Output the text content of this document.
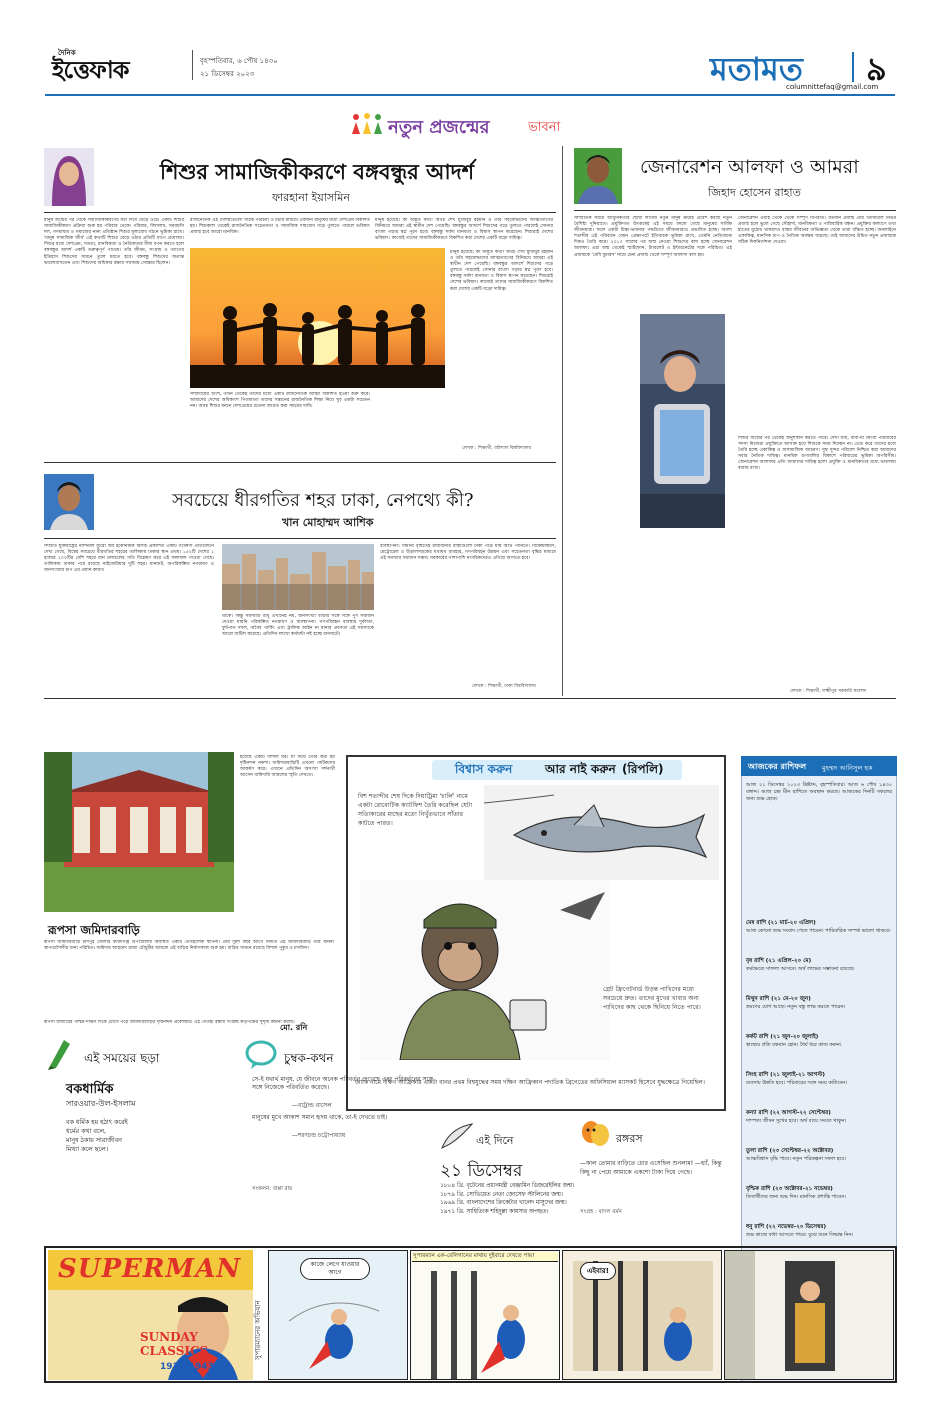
দৈনিক
ইত্তেফাক	বৃহস্পতিবার, ৬ পৌষ ১৪৩০
২১ ডিসেম্বর ২০২৩	মতামত ৯
columnittefaq@gmail.com
নতুন প্রজন্মের	ভাবনা
শিশুর সামাজিকীকরণে বঙ্গবন্ধুর আদর্শ
ফারহানা ইয়াসমিন
মানুষ জন্মের পর থেকে সামাজিকীকরণের মধ্য দিয়ে বেড়ে ওঠে। একটি শিশুর সামাজিকীকরণ প্রক্রিয়া শুরু হয় পরিবার থেকে। পরিবার, বিদ্যালয়, সমবয়সি দল, গণমাধ্যম ও সমাজের নানা প্রতিষ্ঠান শিশুর মূল্যবোধ গঠনে ভূমিকা রাখে। 'মানুষ সামাজিক জীব' এই কথাটি শিশুর বেড়ে ওঠার প্রতিটি ধাপে প্রযোজ্য। শিশুর মধ্যে দেশপ্রেম, সততা, মানবিকতা ও নৈতিকতার বীজ বপন করতে হলে বঙ্গবন্ধুর আদর্শ একটি গুরুত্বপূর্ণ পাথেয়। তাঁর জীবন, সংগ্রাম ও ত্যাগের ইতিহাস শিশুদের সামনে তুলে ধরতে হবে। বঙ্গবন্ধু শিশুদের অত্যন্ত ভালোবাসতেন এবং শিশুদের অধিকার রক্ষায় সবসময় সোচ্চার ছিলেন।
রাজনৈতিক এই দৈশিষ্ট্যগুলো সঠিক পরিচর্যা ও চর্চার মাধ্যমে একজন মানুষের মধ্যে দেশপ্রেম বিকশিত হয়। শিশুকাল থেকেই রাজনৈতিক সচেতনতা ও সামাজিক দায়বোধ গড়ে তুলতে পারলে ভবিষ্যৎ প্রজন্ম হবে আরো মানবিক।
সম্প্রদায়ের অংশ, তখন থেকেই তাদের মধ্যে একটি রাজনৈতিক আত্মা বিকশিত হওয়া শুরু করে। আমাদের দেশের অধিকাংশ পিতামাতা তাদের সন্তানের রাজনৈতিক শিক্ষা নিয়ে খুব একটা সচেতন নন। অথচ শিশুর মননে দেশপ্রেমের চেতনা জাগ্রত করা সময়ের দাবি।
মানুষ হয়েছে। কী অদ্ভুত কথা! অথচ শেখ মুজিবুর রহমান ও তাঁর সহযোদ্ধাদের আত্মত্যাগের বিনিময়ে আমরা এই স্বাধীন দেশ পেয়েছি। বঙ্গবন্ধুর আদর্শে শিশুদের গড়ে তুলতে পারলেই সোনার বাংলা গড়ার স্বপ্ন পূরণ হবে। বঙ্গবন্ধু সর্বদা মানবতা ও বিশ্বাস স্থাপন করেছেন। শিশুরাই দেশের ভবিষ্যৎ। কাজেই তাদের সামাজিকীকরণে বিকশিত করা দেশের একটি বড়ো দায়িত্ব।
মানুষ হয়েছে। কী অদ্ভুত কথা! অথচ শেখ মুজিবুর রহমান ও তাঁর সহযোদ্ধাদের আত্মত্যাগের বিনিময়ে আমরা এই স্বাধীন দেশ পেয়েছি। বঙ্গবন্ধুর আদর্শে শিশুদের গড়ে তুলতে পারলেই সোনার বাংলা গড়ার স্বপ্ন পূরণ হবে। বঙ্গবন্ধু সর্বদা মানবতা ও বিশ্বাস স্থাপন করেছেন। শিশুরাই দেশের ভবিষ্যৎ। কাজেই তাদের সামাজিকীকরণে বিকশিত করা দেশের একটি বড়ো দায়িত্ব।
লেখক : শিক্ষার্থী, বরিশাল বিশ্ববিদ্যালয়
জেনারেশন আলফা ও আমরা
জিহাদ হোসেন রাহাত
সাম্প্রতিক সময়ে আধুনিকতার ছোঁয়া লাগায় নতুন মানুষ ক্রমেই প্রবেশ করছে নতুন বৈশিষ্ট্য দুনিয়াতে। প্রযুক্তিগত উৎকর্ষের এই সময়ে বদলে গেছে মানুষের সার্বিক জীবনধারা। ফলে একটা চিন্তা-ভাবনার পদ্ধতিতে জীবনধারাও প্রভাবিত হচ্ছে। অবশ্য শতাব্দীর এই পরিবর্তন যেমন প্রেক্ষাপটে ইতিবাচক ভূমিকা রাখে, তেমনি নেতিবাচক দিকও তৈরি করে। ২০১০ সালের পর জন্ম নেওয়া শিশুদের বলা হচ্ছে জেনারেশন আলফা। এরা জন্ম থেকেই স্মার্টফোন, ট্যাবলেট ও ইন্টারনেটের সঙ্গে পরিচিত। এই প্রজন্মকে 'বেবি বুমারস' নামে চেনা প্রজন্ম থেকে সম্পূর্ণ আলাদা বলা হয়।
জেনারেশন ওয়াই থেকে থেকে সম্পূর্ণ বিপরীত। বর্তমান প্রজন্ম প্রায় ডিজিটাল নির্ভর প্রজন্ম হলে ভুলে গেছে সৌহার্দ্য, মানবিকতা ও পারিবারিক বন্ধন। প্রযুক্তির কল্যাণে তথ্য হাতের মুঠোয় থাকলেও বাস্তব জীবনের অভিজ্ঞতা থেকে তারা বঞ্চিত হচ্ছে। অনলাইনে একাকিত্ব, মানসিক চাপ ও নৈতিক অবক্ষয় বাড়ছে। তাই আমাদের উচিত নতুন প্রজন্মকে সঠিক দিকনির্দেশনা দেওয়া।
শিশুর জন্মের পর থেকেই অনুশীলন করতে পারে। দেখা যায়, বাবা-মা কিংবা পরিবারের সদস্য নিজেরা প্রযুক্তিতে আসক্ত হয়ে শিশুকে সময় দিচ্ছেন না। এতে করে তাদের মধ্যে তৈরি হচ্ছে একাকিত্ব ও অসামাজিক আচরণ। সুস্থ সুন্দর পরিবেশ নিশ্চিত করা আমাদের সবার নৈতিক দায়িত্ব। মানবিক গুণাবলির বিকাশে পরিবারের ভূমিকা অপরিসীম। জেনারেশন আলফার প্রতি আমাদের দায়িত্ব হলো প্রযুক্তি ও মানবিকতার মধ্যে ভারসাম্য বজায় রাখা।
লেখক : শিক্ষার্থী, লক্ষ্মীপুর সরকারি কলেজ
সবচেয়ে ধীরগতির শহর ঢাকা, নেপথ্যে কী?
খান মোহাম্মদ আশিক
সম্প্রতি যুক্তরাষ্ট্রের ন্যাশনাল ব্যুরো অব ইকোনমিক রিসার্চ প্রকাশিত একটি গবেষণা প্রতিবেদনে দেখা গেছে, বিশ্বের সবচেয়ে ধীরগতির শহরের তালিকায় ঢাকার স্থান প্রথম। ১৫২টি দেশের ১ হাজার ২০০টির বেশি শহরে যান চলাচলের গতি বিশ্লেষণ করে এই ফলাফল পাওয়া গেছে। তালিকায় ঢাকার পরে রয়েছে নাইজেরিয়ার দুটি শহর। যানজট, অপরিকল্পিত নগরায়ণ ও জনসংখ্যার চাপ এর প্রধান কারণ।
থাকে। কিন্তু সমস্যাটি শুধু এখানেই নয়, জনসংখ্যা বাড়ার সঙ্গে সঙ্গে পূর্ণ সমাধান দেওয়া যায়নি পরিকল্পিত নগরায়ণ ও ব্যবস্থাপনা। গণপরিবহন ব্যবস্থার দুর্বলতা, ফুটপাত দখল, অবৈধ পার্কিং এবং ট্রাফিক আইন না মানার প্রবণতা এই সমস্যাকে আরো জটিল করেছে। প্রতিদিন লাখো কর্মঘণ্টা নষ্ট হচ্ছে যানজটে।
ব্যবস্থাপনা। সামান্য বৃষ্টিতেই রাজধানীর রাস্তাগুলো ঢাকা পড়ে যায় অথৈ পানিতে। বিকেন্দ্রীকরণ, মেট্রোরেল ও উড়ালসড়কের যথাযথ ব্যবহার, গণপরিবহন উন্নয়ন এবং সচেতনতা বৃদ্ধির মাধ্যমে এই সমস্যার সমাধান সম্ভব। সরকারের পাশাপাশি নাগরিকদেরও এগিয়ে আসতে হবে।
লেখক : শিক্ষার্থী, ঢাকা বিশ্ববিদ্যালয়
রূপসা জমিদারবাড়ি
হয়েছে একটি বিশাল ঘর। যা দিয়ে তৈরি করা হয় দৃষ্টিনন্দন নকশা। জমিদারবাড়িটি এখনো পর্যটকদের আকর্ষণ করে। এখানে প্রতিদিন অসংখ্য দর্শনার্থী আসেন জমিদারি আমলের স্মৃতি দেখতে।
রূপসা জমিদারবাড়ি চাঁদপুর জেলার ফরিদগঞ্জ উপজেলায় অবস্থিত একটি ঐতিহাসিক স্থাপনা। প্রায় দুইশ বছর আগে নির্মিত এই জমিদারবাড়ি তার অনন্য স্থাপত্যশৈলীর জন্য পরিচিত। জমিদার আহমেদ রাজা চৌধুরীর আমলে এই বাড়ির নির্মাণকাজ শুরু হয়। বাড়ির সামনে রয়েছে বিশাল পুকুর ও মসজিদ।
রূপসা বাজারের পশ্চিম-দক্ষিণ দিকে চোখে পড়ে জমিদারবাড়ির দৃষ্টিনন্দন প্রবেশদ্বার। এই ঐতিহ্য রক্ষায় সংশ্লিষ্ট কর্তৃপক্ষের সুদৃষ্টি কামনা করছি।
মো. রনি
বিশ্বাস করুন	আর নাই করুন (রিপলি)
বিশ শতাব্দীর শেষ দিকে দিয়াট্রিমা 'চার্লি' নামে একটা রোবোটিক ক্যাটফিশ তৈরি করেছিল যেটা সত্যিকারের মাছের মতো নিখুঁতভাবে সাঁতার কাটতে পারত।
গ্রেট ফ্রিগেটবার্ড উড়ন্ত পাখিদের মধ্যে সবচেয়ে দ্রুত। তাদের মুখের খাবার অন্য পাখিদের কাছ থেকে ছিনিয়ে নিতে পারে।
জাকি নামে দক্ষিণ আফ্রিকার একটা বানর প্রথম বিশ্বযুদ্ধের সময় দক্ষিণ আফ্রিকান পদাতিক ব্রিগেডের অফিসিয়াল ম্যাসকট হিসেবে যুদ্ধক্ষেত্রে গিয়েছিল।
এই সময়ের ছড়া
বকধার্মিক
সারওয়ার-উল-ইসলাম
বক ধর্মিক হয় হঠাৎ করেই
ধর্মের কথা বলে,
মানুষ ঠকায় সারাজীবন
মিথ্যা কলে ছলে।
চুম্বক-কথন
সে-ই যথার্থ মানুষ, যে জীবনে অনেক পরিবর্তন দেখেছে এবং পরিবর্তনের সঙ্গে সঙ্গে নিজেকে পরিবর্তিত করেছে।
—বাট্রান্ড রাসেল
মানুষের মুখে আকাশ সমান হৃদয় থাকে, তা-ই দেখতে চাই।
—শরৎচন্দ্র চট্টোপাধ্যায়
সংকলন: বাপ্পা রায়
এই দিনে
২১ ডিসেম্বর
১৮০৪ খ্রি. বৃটেনের প্রধানমন্ত্রী বেঞ্জামিন ডিজরেইলির জন্ম।
১৮৭৯ খ্রি. সোভিয়েত নেতা জোসেফ স্টালিনের জন্ম।
১৯৬৯ খ্রি. বাংলাদেশের ক্রিকেটার খালেদ মাসুদের জন্ম।
১৯৭১ খ্রি. সাহিত্যিক শহিদুল্লা কায়সার অপহৃত।
রঙ্গরস
—কাল তোমার বাড়িতে চোর এসেছিল শুনলাম! —হ্যাঁ, কিন্তু কিছু না পেয়ে আমাকে একশো টাকা দিয়ে গেছে।
সংগ্রহ : বাদল বর্মন
আজকের রাশিফল মুহম্মদ আনিসুল হক
আজ ২১ ডিসেম্বর ২০২৩ খ্রিষ্টাব্দ, বৃহস্পতিবার। আজ ৬ পৌষ ১৪৩০ বঙ্গাব্দ। আজ চন্দ্র মীন রাশিতে অবস্থান করছে। আজকের দিনটি সকলের জন্য শুভ হোক।
মেষ রাশি (২১ মার্চ-২০ এপ্রিল)
আজ কোনো শুভ সংবাদ পেতে পারেন। পারিবারিক সম্পর্ক ভালো থাকবে।
বৃষ রাশি (২১ এপ্রিল-২০ মে)
কর্মক্ষেত্রে সাফল্য আসবে। অর্থ লাভের সম্ভাবনা রয়েছে।
মিথুন রাশি (২১ মে-২০ জুন)
ভ্রমণের যোগ আছে। নতুন বন্ধু লাভ করতে পারেন।
কর্কট রাশি (২১ জুন-২০ জুলাই)
স্বাস্থ্যের প্রতি যত্নবান হোন। ধৈর্য ধরে কাজ করুন।
সিংহ রাশি (২১ জুলাই-২১ আগস্ট)
ব্যবসায় উন্নতি হবে। পরিবারের সঙ্গে সময় কাটাবেন।
কন্যা রাশি (২২ আগস্ট-২২ সেপ্টেম্বর)
দাম্পত্য জীবন সুখের হবে। অর্থ ব্যয়ে সংযত থাকুন।
তুলা রাশি (২৩ সেপ্টেম্বর-২২ অক্টোবর)
আত্মবিশ্বাস বৃদ্ধি পাবে। নতুন পরিকল্পনা সফল হবে।
বৃশ্চিক রাশি (২৩ অক্টোবর-২১ নভেম্বর)
বিদ্যার্থীদের জন্য শুভ দিন। মানসিক প্রশান্তি পাবেন।
ধনু রাশি (২২ নভেম্বর-২০ ডিসেম্বর)
শুভ কাজে বাধা আসতে পারে। বুঝে শুনে সিদ্ধান্ত নিন।
SUPERMAN
SUNDAY CLASSICS
1939-1943
সুপারম্যানের অভিযান
কাজে লেগে যাওয়ার আগে
সুপারম্যান এক-রেলিগানের মাথায় দুইবারে দেখতে পায়!
এইবার!
